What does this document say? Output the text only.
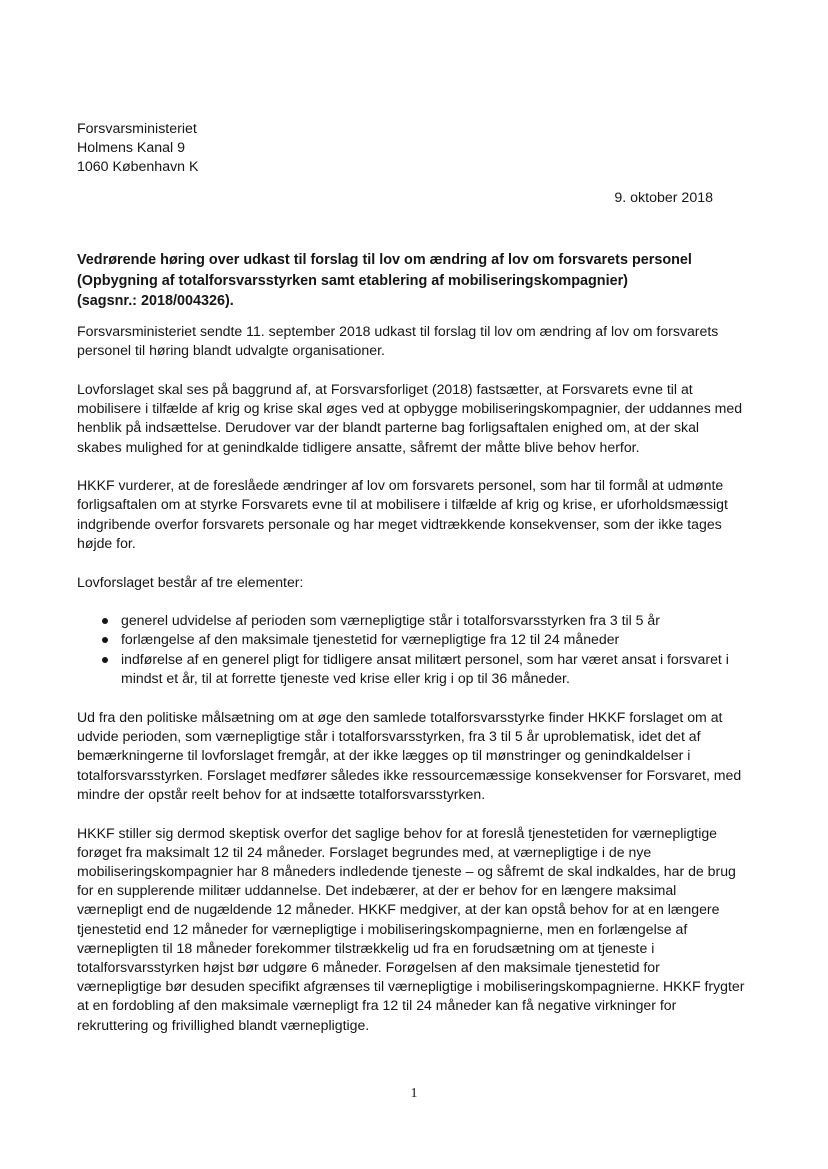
Forsvarsministeriet
Holmens Kanal 9
1060 København K
9. oktober 2018
Vedrørende høring over udkast til forslag til lov om ændring af lov om forsvarets personel
(Opbygning af totalforsvarsstyrken samt etablering af mobiliseringskompagnier)
(sagsnr.: 2018/004326).

Forsvarsministeriet sendte 11. september 2018 udkast til forslag til lov om ændring af lov om forsvarets personel til høring blandt udvalgte organisationer.

Lovforslaget skal ses på baggrund af, at Forsvarsforliget (2018) fastsætter, at Forsvarets evne til at mobilisere i tilfælde af krig og krise skal øges ved at opbygge mobiliseringskompagnier, der uddannes med henblik på indsættelse. Derudover var der blandt parterne bag forligsaftalen enighed om, at der skal skabes mulighed for at genindkalde tidligere ansatte, såfremt der måtte blive behov herfor.

HKKF vurderer, at de foreslåede ændringer af lov om forsvarets personel, som har til formål at udmønte forligsaftalen om at styrke Forsvarets evne til at mobilisere i tilfælde af krig og krise, er uforholdsmæssigt indgribende overfor forsvarets personale og har meget vidtrækkende konsekvenser, som der ikke tages højde for.

Lovforslaget består af tre elementer:

generel udvidelse af perioden som værnepligtige står i totalforsvarsstyrken fra 3 til 5 år
forlængelse af den maksimale tjenestetid for værnepligtige fra 12 til 24 måneder
indførelse af en generel pligt for tidligere ansat militært personel, som har været ansat i forsvaret i mindst et år, til at forrette tjeneste ved krise eller krig i op til 36 måneder.

Ud fra den politiske målsætning om at øge den samlede totalforsvarsstyrke finder HKKF forslaget om at udvide perioden, som værnepligtige står i totalforsvarsstyrken, fra 3 til 5 år uproblematisk, idet det af bemærkningerne til lovforslaget fremgår, at der ikke lægges op til mønstringer og genindkaldelser i totalforsvarsstyrken. Forslaget medfører således ikke ressourcemæssige konsekvenser for Forsvaret, med mindre der opstår reelt behov for at indsætte totalforsvarsstyrken.

HKKF stiller sig dermod skeptisk overfor det saglige behov for at foreslå tjenestetiden for værnepligtige forøget fra maksimalt 12 til 24 måneder. Forslaget begrundes med, at værnepligtige i de nye mobiliseringskompagnier har 8 måneders indledende tjeneste – og såfremt de skal indkaldes, har de brug for en supplerende militær uddannelse. Det indebærer, at der er behov for en længere maksimal værnepligt end de nugældende 12 måneder. HKKF medgiver, at der kan opstå behov for at en længere tjenestetid end 12 måneder for værnepligtige i mobiliseringskompagnierne, men en forlængelse af værnepligten til 18 måneder forekommer tilstrækkelig ud fra en forudsætning om at tjeneste i totalforsvarsstyrken højst bør udgøre 6 måneder. Forøgelsen af den maksimale tjenestetid for værnepligtige bør desuden specifikt afgrænses til værnepligtige i mobiliseringskompagnierne. HKKF frygter at en fordobling af den maksimale værnepligt fra 12 til 24 måneder kan få negative virkninger for rekruttering og frivillighed blandt værnepligtige.

1
